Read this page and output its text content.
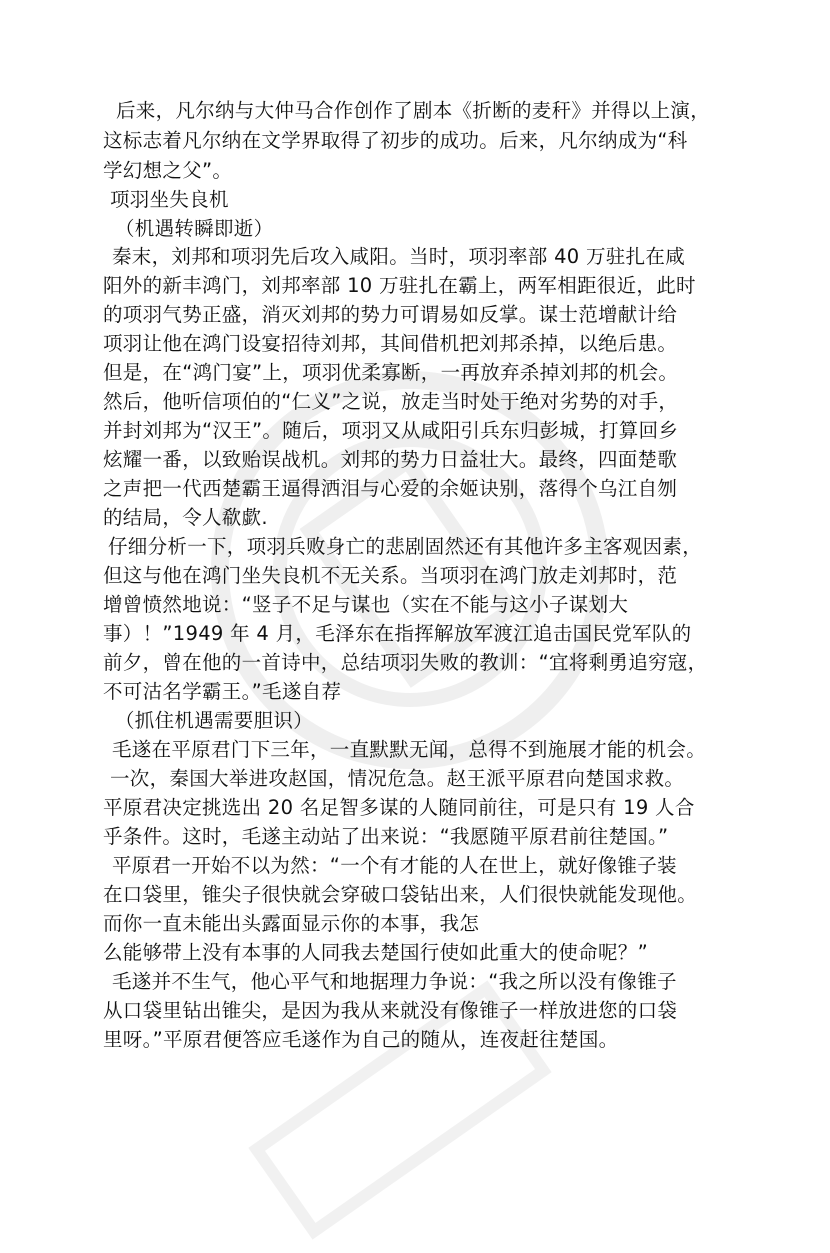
后来，凡尔纳与大仲马合作创作了剧本《折断的麦秆》并得以上演，
这标志着凡尔纳在文学界取得了初步的成功。后来，凡尔纳成为“科
学幻想之父”。
项羽坐失良机
（机遇转瞬即逝）
秦末，刘邦和项羽先后攻入咸阳。当时，项羽率部 40 万驻扎在咸
阳外的新丰鸿门，刘邦率部 10 万驻扎在霸上，两军相距很近，此时
的项羽气势正盛，消灭刘邦的势力可谓易如反掌。谋士范增献计给
项羽让他在鸿门设宴招待刘邦，其间借机把刘邦杀掉，以绝后患。
但是，在“鸿门宴”上，项羽优柔寡断，一再放弃杀掉刘邦的机会。
然后，他听信项伯的“仁义”之说，放走当时处于绝对劣势的对手，
并封刘邦为“汉王”。随后，项羽又从咸阳引兵东归彭城，打算回乡
炫耀一番，以致贻误战机。刘邦的势力日益壮大。最终，四面楚歌
之声把一代西楚霸王逼得洒泪与心爱的余姬诀别，落得个乌江自刎
的结局，令人欷歔.
仔细分析一下，项羽兵败身亡的悲剧固然还有其他许多主客观因素，
但这与他在鸿门坐失良机不无关系。当项羽在鸿门放走刘邦时，范
增曾愤然地说：“竖子不足与谋也（实在不能与这小子谋划大
事）！”1949 年 4 月，毛泽东在指挥解放军渡江追击国民党军队的
前夕，曾在他的一首诗中，总结项羽失败的教训：“宜将剩勇追穷寇，
不可沽名学霸王。”毛遂自荐
（抓住机遇需要胆识）
毛遂在平原君门下三年，一直默默无闻，总得不到施展才能的机会。
一次，秦国大举进攻赵国，情况危急。赵王派平原君向楚国求救。
平原君决定挑选出 20 名足智多谋的人随同前往，可是只有 19 人合
乎条件。这时，毛遂主动站了出来说：“我愿随平原君前往楚国。”
平原君一开始不以为然：“一个有才能的人在世上，就好像锥子装
在口袋里，锥尖子很快就会穿破口袋钻出来，人们很快就能发现他。
而你一直未能出头露面显示你的本事，我怎
么能够带上没有本事的人同我去楚国行使如此重大的使命呢？”
毛遂并不生气，他心平气和地据理力争说：“我之所以没有像锥子
从口袋里钻出锥尖，是因为我从来就没有像锥子一样放进您的口袋
里呀。”平原君便答应毛遂作为自己的随从，连夜赶往楚国。
